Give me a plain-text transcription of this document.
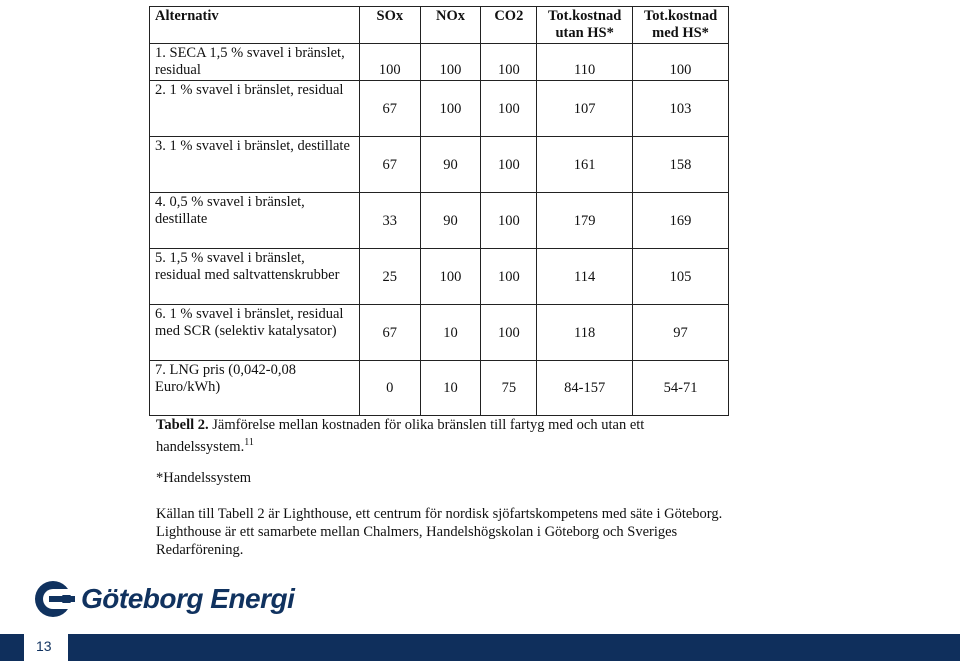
Alternativ	SOx	NOx	CO2	Tot.kostnad utan HS*	Tot.kostnad med HS*
1. SECA 1,5 % svavel i bränslet, residual	100	100	100	110	100
2. 1 % svavel i bränslet, residual	67	100	100	107	103
3. 1 % svavel i bränslet, destillate	67	90	100	161	158
4. 0,5 % svavel i bränslet, destillate	33	90	100	179	169
5. 1,5 % svavel i bränslet, residual med saltvattenskrubber	25	100	100	114	105
6. 1 % svavel i bränslet, residual med SCR (selektiv katalysator)	67	10	100	118	97
7. LNG pris (0,042-0,08 Euro/kWh)	0	10	75	84-157	54-71
Tabell 2. Jämförelse mellan kostnaden för olika bränslen till fartyg med och utan ett handelssystem.$^{11}$
*Handelssystem
Källan till Tabell 2 är Lighthouse, ett centrum för nordisk sjöfartskompetens med säte i Göteborg. Lighthouse är ett samarbete mellan Chalmers, Handelshögskolan i Göteborg och Sveriges Redarförening.
Göteborg Energi
13
